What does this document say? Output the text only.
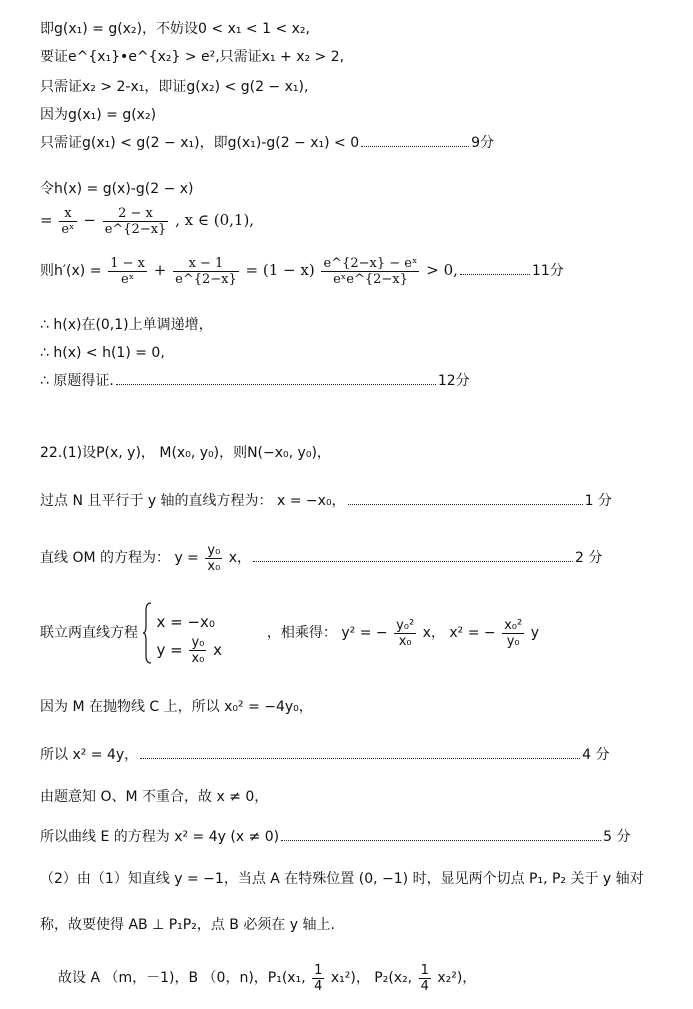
即g(x₁) = g(x₂)，不妨设0 < x₁ < 1 < x₂,
要证e^{x₁}•e^{x₂} > e²,只需证x₁ + x₂ > 2,
只需证x₂ > 2-x₁，即证g(x₂) < g(2 − x₁),
因为g(x₁) = g(x₂)
只需证g(x₁) < g(2 − x₁)，即g(x₁)-g(2 − x₁) < 0	9分
令h(x) = g(x)-g(2 − x)
= $\frac{x}{\text{eˣ}} - \frac{2 - x}{e\^{}\{2-x\}}$ , x ∈ (0,1),
则$h'(x) = \frac{1 - x}{\text{eˣ}} + \frac{x - 1}{e\^{}\{2-x\}} = (1 - x) \frac{\text{e\textasciicircum{}\{2−x\} − eˣ}}{\text{eˣe\textasciicircum{}\{2−x\}}} > 0$,	11分
∴ h(x)在(0,1)上单调递增，
∴ h(x) < h(1) = 0,
∴ 原题得证.	12分
22.(1)设P(x, y)， M(x₀, y₀)，则N(−x₀, y₀)，
过点 N 且平行于 y 轴的直线方程为： x = −x₀，	1 分
直线 OM 的方程为： $y = \frac{\text{y₀}}{\text{x₀}}$ x，	2 分
联立两直线方程
x = −x₀
$y = \frac{\text{y₀}}{\text{x₀}}$ x
，相乘得： y² = − $\frac{\text{y₀²}}{\text{x₀}}$ x， x² = − $\frac{\text{x₀²}}{\text{y₀}}$ y
因为 M 在抛物线 C 上，所以 x₀² = −4y₀，
所以 x² = 4y，	4 分
由题意知 O、M 不重合，故 x ≠ 0，
所以曲线 E 的方程为 x² = 4y (x ≠ 0)	5 分
（2）由（1）知直线 y = −1，当点 A 在特殊位置 (0, −1) 时，显见两个切点 P₁, P₂ 关于 y 轴对
称，故要使得 AB ⊥ P₁P₂，点 B 必须在 y 轴上.
故设 A （m，－1)，B （0，n)，P₁(x₁, $\frac{1}{4} x_1^2$)， P₂(x₂, $\frac{1}{4} x_2^2$)，
